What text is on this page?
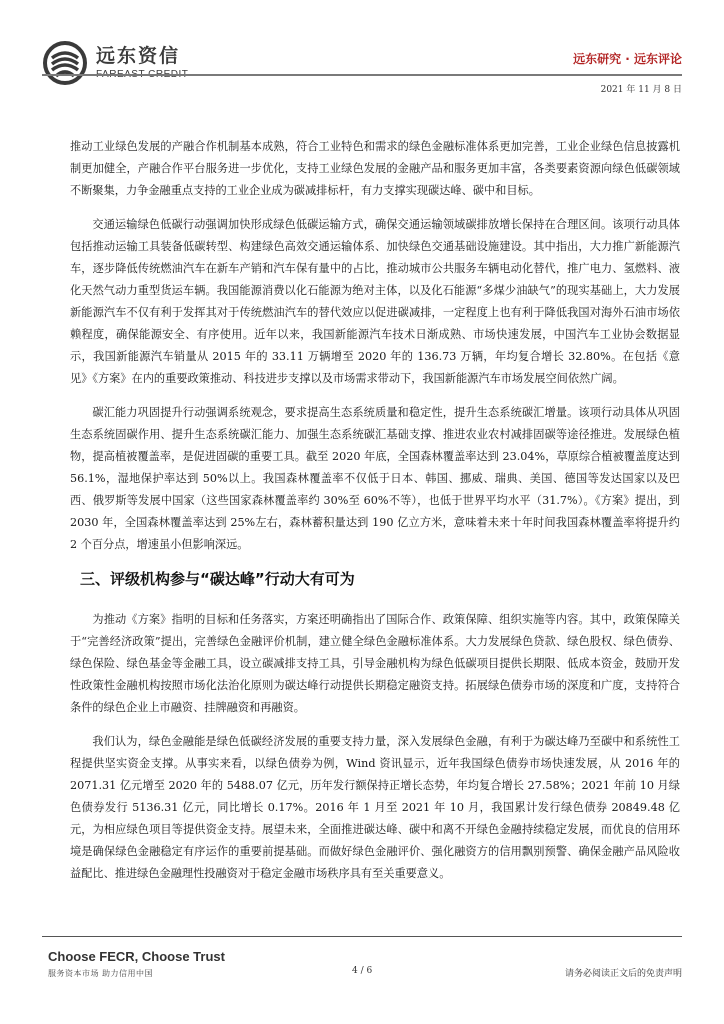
远东资信	远东研究 · 远东评论
2021 年 11 月 8 日

推动工业绿色发展的产融合作机制基本成熟，符合工业特色和需求的绿色金融标准体系更加完善，工业企业绿色信息披露机制更加健全，产融合作平台服务进一步优化，支持工业绿色发展的金融产品和服务更加丰富，各类要素资源向绿色低碳领域不断聚集，力争金融重点支持的工业企业成为碳减排标杆，有力支撑实现碳达峰、碳中和目标。

交通运输绿色低碳行动强调加快形成绿色低碳运输方式，确保交通运输领域碳排放增长保持在合理区间。该项行动具体包括推动运输工具装备低碳转型、构建绿色高效交通运输体系、加快绿色交通基础设施建设。其中指出，大力推广新能源汽车，逐步降低传统燃油汽车在新车产销和汽车保有量中的占比，推动城市公共服务车辆电动化替代，推广电力、氢燃料、液化天然气动力重型货运车辆。我国能源消费以化石能源为绝对主体，以及化石能源“多煤少油缺气”的现实基础上，大力发展新能源汽车不仅有利于发挥其对于传统燃油汽车的替代效应以促进碳减排，一定程度上也有利于降低我国对海外石油市场依赖程度，确保能源安全、有序使用。近年以来，我国新能源汽车技术日渐成熟、市场快速发展，中国汽车工业协会数据显示，我国新能源汽车销量从 2015 年的 33.11 万辆增至 2020 年的 136.73 万辆，年均复合增长 32.80%。在包括《意见》《方案》在内的重要政策推动、科技进步支撑以及市场需求带动下，我国新能源汽车市场发展空间依然广阔。

碳汇能力巩固提升行动强调系统观念，要求提高生态系统质量和稳定性，提升生态系统碳汇增量。该项行动具体从巩固生态系统固碳作用、提升生态系统碳汇能力、加强生态系统碳汇基础支撑、推进农业农村减排固碳等途径推进。发展绿色植物，提高植被覆盖率，是促进固碳的重要工具。截至 2020 年底，全国森林覆盖率达到 23.04%，草原综合植被覆盖度达到 56.1%，湿地保护率达到 50%以上。我国森林覆盖率不仅低于日本、韩国、挪威、瑞典、美国、德国等发达国家以及巴西、俄罗斯等发展中国家（这些国家森林覆盖率约 30%至 60%不等），也低于世界平均水平（31.7%）。《方案》提出，到 2030 年，全国森林覆盖率达到 25%左右，森林蓄积量达到 190 亿立方米，意味着未来十年时间我国森林覆盖率将提升约 2 个百分点，增速虽小但影响深远。

三、评级机构参与“碳达峰”行动大有可为

为推动《方案》指明的目标和任务落实，方案还明确指出了国际合作、政策保障、组织实施等内容。其中，政策保障关于“完善经济政策”提出，完善绿色金融评价机制，建立健全绿色金融标准体系。大力发展绿色贷款、绿色股权、绿色债券、绿色保险、绿色基金等金融工具，设立碳减排支持工具，引导金融机构为绿色低碳项目提供长期限、低成本资金，鼓励开发性政策性金融机构按照市场化法治化原则为碳达峰行动提供长期稳定融资支持。拓展绿色债券市场的深度和广度，支持符合条件的绿色企业上市融资、挂牌融资和再融资。

我们认为，绿色金融能是绿色低碳经济发展的重要支持力量，深入发展绿色金融，有利于为碳达峰乃至碳中和系统性工程提供坚实资金支撑。从事实来看，以绿色债券为例，Wind 资讯显示，近年我国绿色债券市场快速发展，从 2016 年的 2071.31 亿元增至 2020 年的 5488.07 亿元，历年发行额保持正增长态势，年均复合增长 27.58%；2021 年前 10 月绿色债券发行 5136.31 亿元，同比增长 0.17%。2016 年 1 月至 2021 年 10 月，我国累计发行绿色债券 20849.48 亿元，为相应绿色项目等提供资金支持。展望未来，全面推进碳达峰、碳中和离不开绿色金融持续稳定发展，而优良的信用环境是确保绿色金融稳定有序运作的重要前提基础。而做好绿色金融评价、强化融资方的信用飘别预警、确保金融产品风险收益配比、推进绿色金融理性投融资对于稳定金融市场秩序具有至关重要意义。

Choose FECR, Choose Trust
服务资本市场 助力信用中国	4 / 6	请务必阅读正文后的免责声明
